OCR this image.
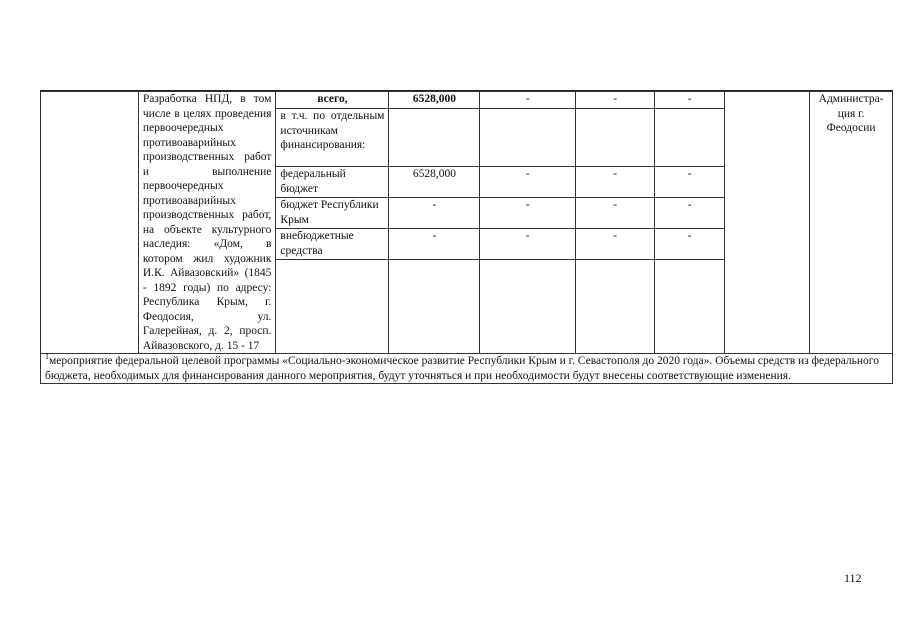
	Разработка НПД, в том числе в целях проведения первоочередных противоаварийных производственных работ и выполнение первоочередных противоаварийных производственных работ, на объекте культурного наследия: «Дом, в котором жил художник И.К. Айвазовский» (1845 - 1892 годы) по адресу: Республика Крым, г. Феодосия, ул. Галерейная, д. 2, просп. Айвазовского, д. 15 - 17	всего,	6528,000	-	-	-		Администра-ция г. Феодосии
		в т.ч. по отдельным источникам финансирования:						
		федеральный бюджет	6528,000	-	-	-		
		бюджет Республики Крым	-	-	-	-		
		внебюджетные средства	-	-	-	-		

$^1$мероприятие федеральной целевой программы «Социально-экономическое развитие Республики Крым и г. Севастополя до 2020 года». Объемы средств из федерального бюджета, необходимых для финансирования данного мероприятия, будут уточняться и при необходимости будут внесены соответствующие изменения.								
112
